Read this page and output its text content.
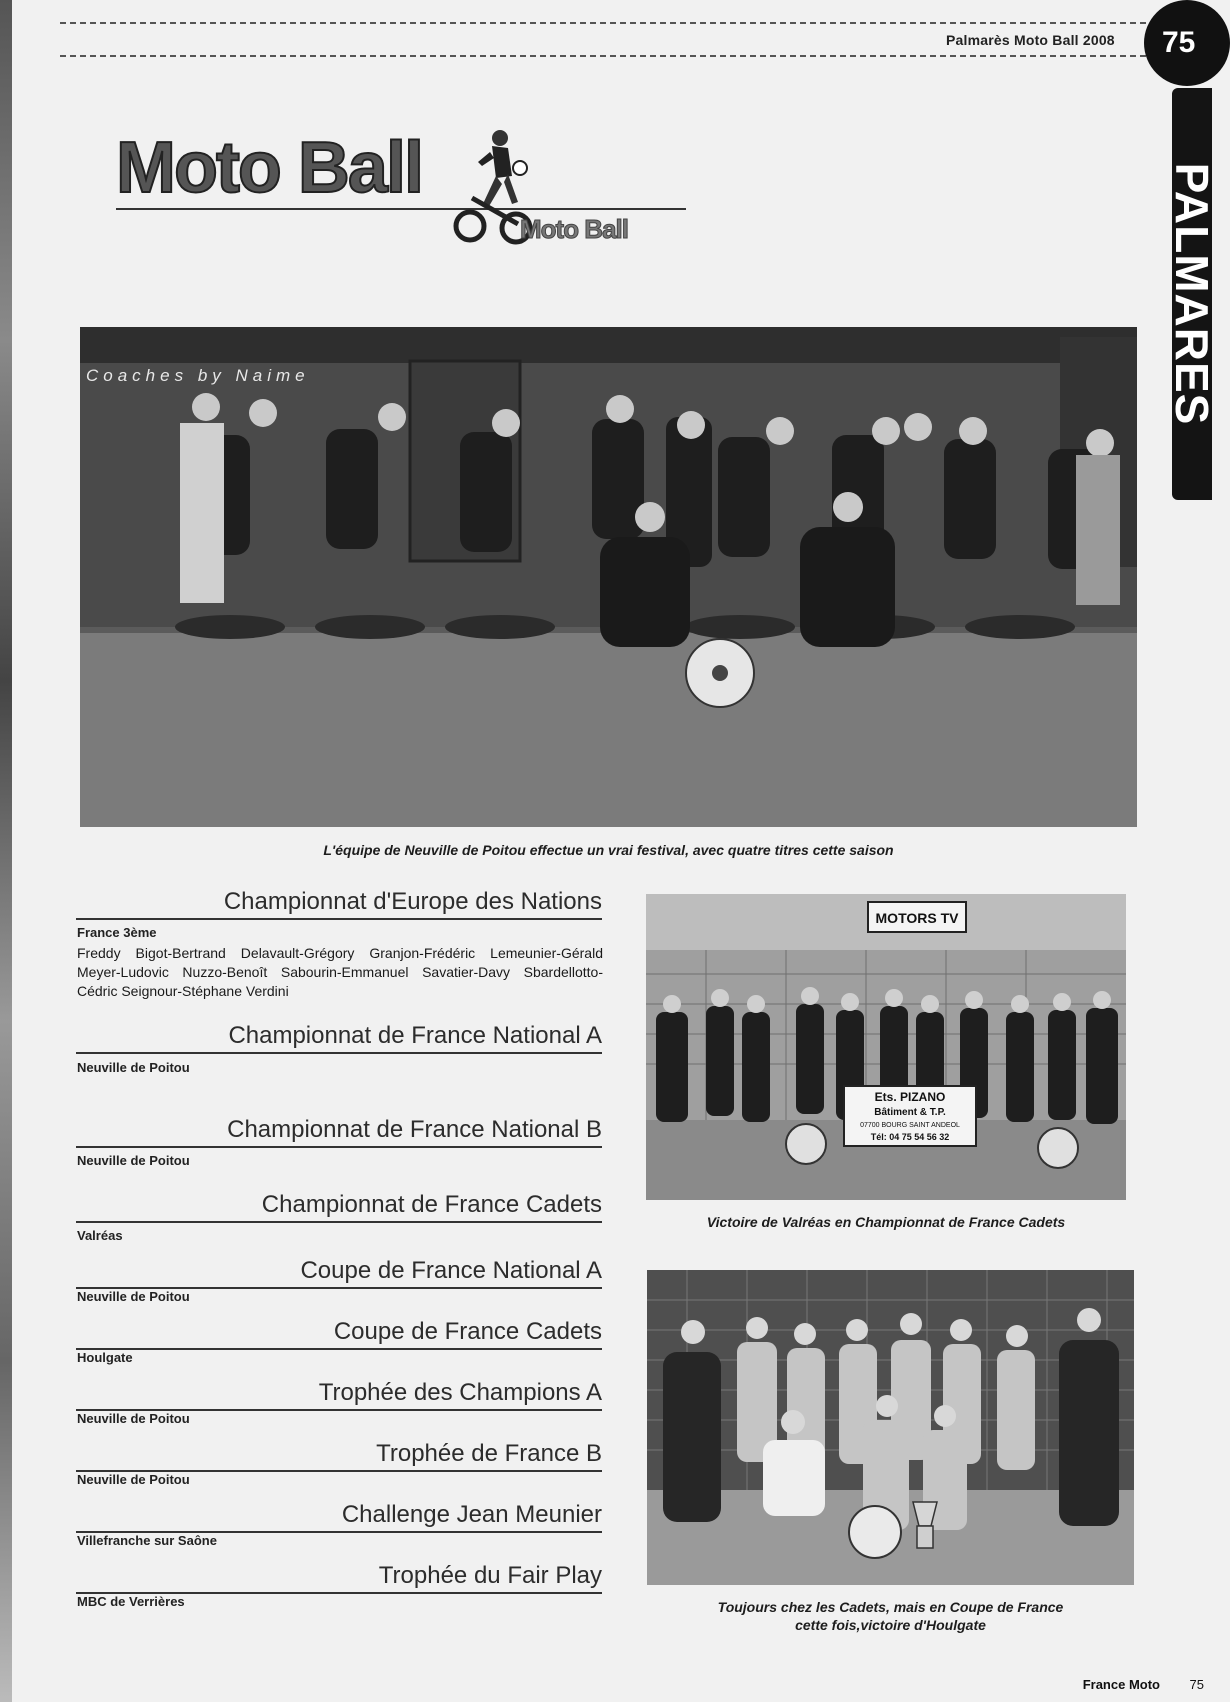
Palmarès Moto Ball 2008	75
PALMARES
Moto Ball
Moto Ball
Coaches by Naime
L'équipe de Neuville de Poitou effectue un vrai festival, avec quatre titres cette saison
MOTORS TV
Ets. PIZANO
Bâtiment & T.P.
07700 BOURG SAINT ANDEOL
Tél: 04 75 54 56 32
Victoire de Valréas en Championnat de France Cadets
Toujours chez les Cadets, mais en Coupe de France
cette fois,victoire d'Houlgate
Championnat d'Europe des Nations
France 3ème
Freddy Bigot-Bertrand Delavault-Grégory Granjon-Frédéric Lemeunier-Gérald Meyer-Ludovic Nuzzo-Benoît Sabourin-Emmanuel Savatier-Davy Sbardellotto-Cédric Seignour-Stéphane Verdini
Championnat de France National A
Neuville de Poitou
Championnat de France National B
Neuville de Poitou
Championnat de France Cadets
Valréas
Coupe de France National A
Neuville de Poitou
Coupe de France Cadets
Houlgate
Trophée des Champions A
Neuville de Poitou
Trophée de France B
Neuville de Poitou
Challenge Jean Meunier
Villefranche sur Saône
Trophée du Fair Play
MBC de Verrières
France Moto 75
